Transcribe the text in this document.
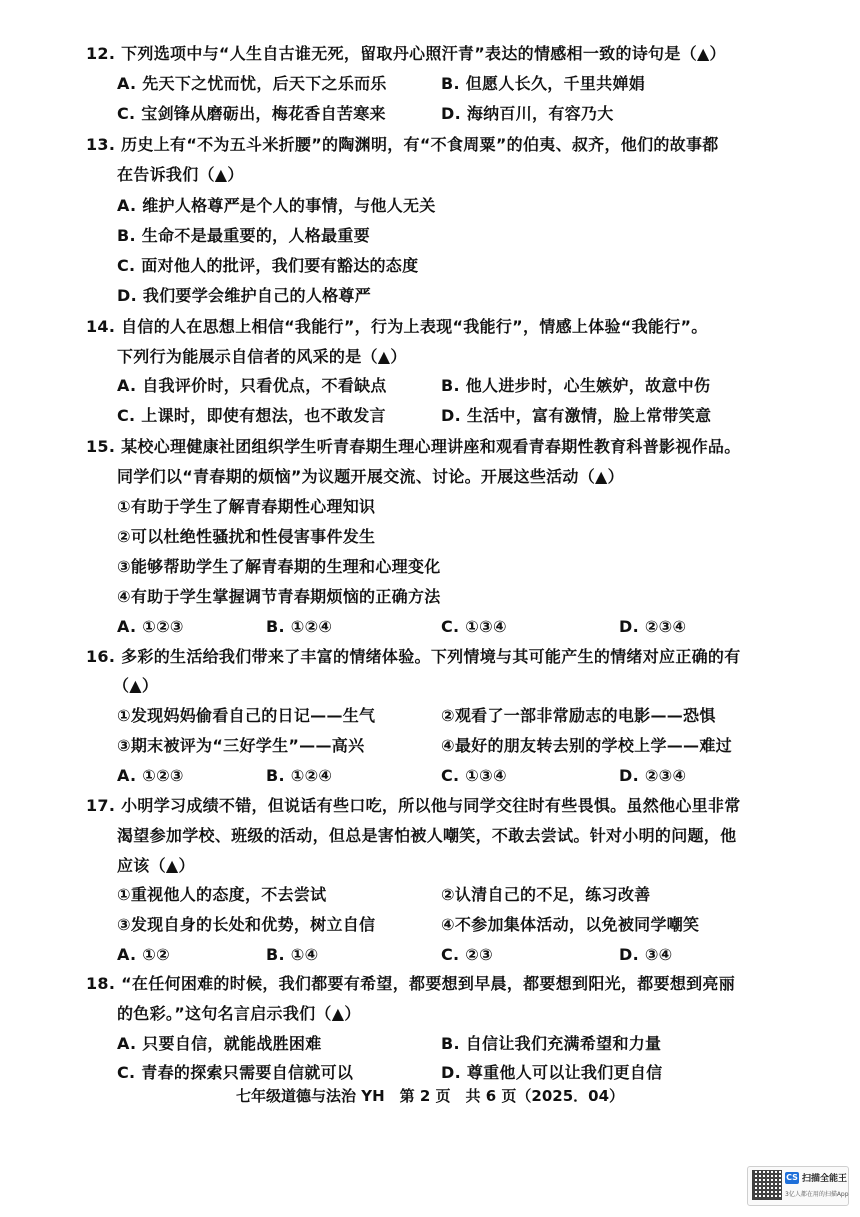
12. 下列选项中与“人生自古谁无死，留取丹心照汗青”表达的情感相一致的诗句是（▲）
A. 先天下之忧而忧，后天下之乐而乐	B. 但愿人长久，千里共婵娟
C. 宝剑锋从磨砺出，梅花香自苦寒来	D. 海纳百川，有容乃大
13. 历史上有“不为五斗米折腰”的陶渊明，有“不食周粟”的伯夷、叔齐，他们的故事都
在告诉我们（▲）
A. 维护人格尊严是个人的事情，与他人无关
B. 生命不是最重要的，人格最重要
C. 面对他人的批评，我们要有豁达的态度
D. 我们要学会维护自己的人格尊严
14. 自信的人在思想上相信“我能行”，行为上表现“我能行”，情感上体验“我能行”。
下列行为能展示自信者的风采的是（▲）
A. 自我评价时，只看优点，不看缺点	B. 他人进步时，心生嫉妒，故意中伤
C. 上课时，即使有想法，也不敢发言	D. 生活中，富有激情，脸上常带笑意
15. 某校心理健康社团组织学生听青春期生理心理讲座和观看青春期性教育科普影视作品。
同学们以“青春期的烦恼”为议题开展交流、讨论。开展这些活动（▲）
①有助于学生了解青春期性心理知识
②可以杜绝性骚扰和性侵害事件发生
③能够帮助学生了解青春期的生理和心理变化
④有助于学生掌握调节青春期烦恼的正确方法
A. ①②③	B. ①②④	C. ①③④	D. ②③④
16. 多彩的生活给我们带来了丰富的情绪体验。下列情境与其可能产生的情绪对应正确的有
（▲）
①发现妈妈偷看自己的日记——生气	②观看了一部非常励志的电影——恐惧
③期末被评为“三好学生”——高兴	④最好的朋友转去别的学校上学——难过
A. ①②③	B. ①②④	C. ①③④	D. ②③④
17. 小明学习成绩不错，但说话有些口吃，所以他与同学交往时有些畏惧。虽然他心里非常
渴望参加学校、班级的活动，但总是害怕被人嘲笑，不敢去尝试。针对小明的问题，他
应该（▲）
①重视他人的态度，不去尝试	②认清自己的不足，练习改善
③发现自身的长处和优势，树立自信	④不参加集体活动，以免被同学嘲笑
A. ①②	B. ①④	C. ②③	D. ③④
18. “在任何困难的时候，我们都要有希望，都要想到早晨，都要想到阳光，都要想到亮丽
的色彩。”这句名言启示我们（▲）
A. 只要自信，就能战胜困难	B. 自信让我们充满希望和力量
C. 青春的探索只需要自信就可以	D. 尊重他人可以让我们更自信
七年级道德与法治 YH　第 2 页　共 6 页（2025．04）
CS 扫描全能王
3亿人都在用的扫描App
